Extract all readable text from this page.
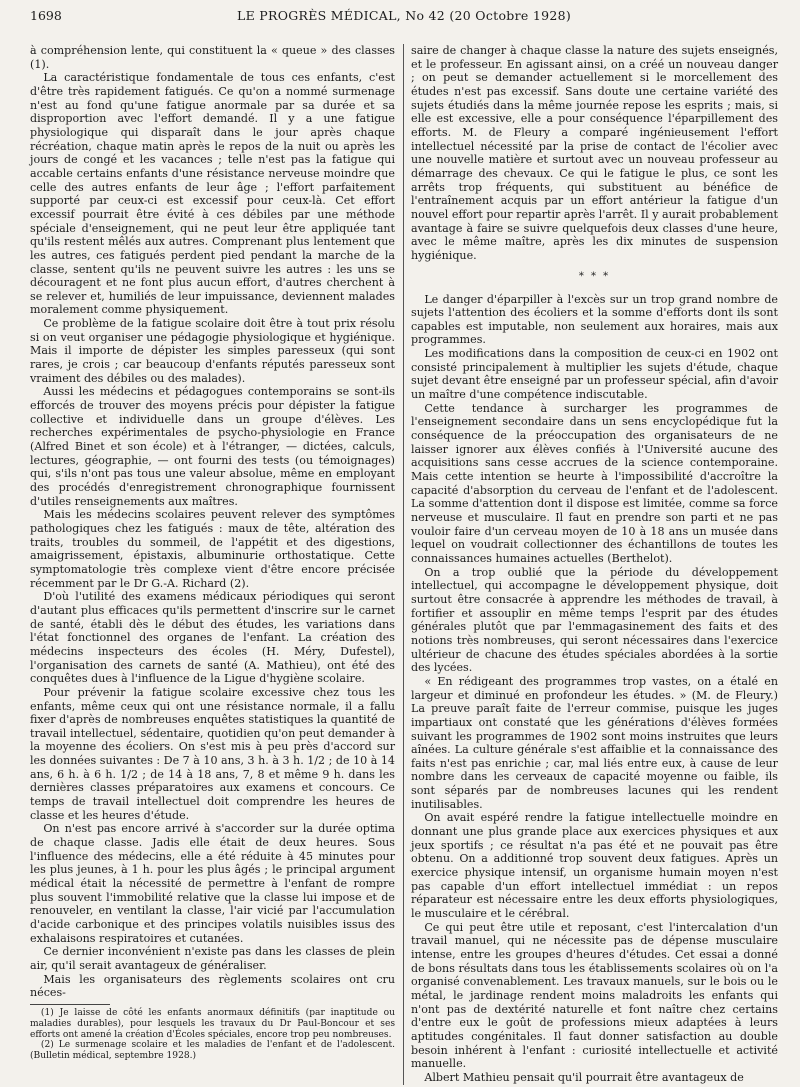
1698	LE PROGRÈS MÉDICAL, No 42 (20 Octobre 1928)

à compréhension lente, qui constituent la « queue » des classes (1).

La caractéristique fondamentale de tous ces enfants, c'est d'être très rapidement fatigués. Ce qu'on a nommé surmenage n'est au fond qu'une fatigue anormale par sa durée et sa disproportion avec l'effort demandé. Il y a une fatigue physiologique qui disparaît dans le jour après chaque récréation, chaque matin après le repos de la nuit ou après les jours de congé et les vacances ; telle n'est pas la fatigue qui accable certains enfants d'une résistance nerveuse moindre que celle des autres enfants de leur âge ; l'effort parfaitement supporté par ceux-ci est excessif pour ceux-là. Cet effort excessif pourrait être évité à ces débiles par une méthode spéciale d'enseignement, qui ne peut leur être appliquée tant qu'ils restent mêlés aux autres. Comprenant plus lentement que les autres, ces fatigués perdent pied pendant la marche de la classe, sentent qu'ils ne peuvent suivre les autres : les uns se découragent et ne font plus aucun effort, d'autres cherchent à se relever et, humiliés de leur impuissance, deviennent malades moralement comme physiquement.

Ce problème de la fatigue scolaire doit être à tout prix résolu si on veut organiser une pédagogie physiologique et hygiénique. Mais il importe de dépister les simples paresseux (qui sont rares, je crois ; car beaucoup d'enfants réputés paresseux sont vraiment des débiles ou des malades).

Aussi les médecins et pédagogues contemporains se sont-ils efforcés de trouver des moyens précis pour dépister la fatigue collective et individuelle dans un groupe d'élèves. Les recherches expérimentales de psycho-physiologie en France (Alfred Binet et son école) et à l'étranger, — dictées, calculs, lectures, géographie, — ont fourni des tests (ou témoignages) qui, s'ils n'ont pas tous une valeur absolue, même en employant des procédés d'enregistrement chronographique fournissent d'utiles renseignements aux maîtres.

Mais les médecins scolaires peuvent relever des symptômes pathologiques chez les fatigués : maux de tête, altération des traits, troubles du sommeil, de l'appétit et des digestions, amaigrissement, épistaxis, albuminurie orthostatique. Cette symptomatologie très complexe vient d'être encore précisée récemment par le Dr G.-A. Richard (2).

D'où l'utilité des examens médicaux périodiques qui seront d'autant plus efficaces qu'ils permettent d'inscrire sur le carnet de santé, établi dès le début des études, les variations dans l'état fonctionnel des organes de l'enfant. La création des médecins inspecteurs des écoles (H. Méry, Dufestel), l'organisation des carnets de santé (A. Mathieu), ont été des conquêtes dues à l'influence de la Ligue d'hygiène scolaire.

Pour prévenir la fatigue scolaire excessive chez tous les enfants, même ceux qui ont une résistance normale, il a fallu fixer d'après de nombreuses enquêtes statistiques la quantité de travail intellectuel, sédentaire, quotidien qu'on peut demander à la moyenne des écoliers. On s'est mis à peu près d'accord sur les données suivantes : De 7 à 10 ans, 3 h. à 3 h. 1/2 ; de 10 à 14 ans, 6 h. à 6 h. 1/2 ; de 14 à 18 ans, 7, 8 et même 9 h. dans les dernières classes préparatoires aux examens et concours. Ce temps de travail intellectuel doit comprendre les heures de classe et les heures d'étude.

On n'est pas encore arrivé à s'accorder sur la durée optima de chaque classe. Jadis elle était de deux heures. Sous l'influence des médecins, elle a été réduite à 45 minutes pour les plus jeunes, à 1 h. pour les plus âgés ; le principal argument médical était la nécessité de permettre à l'enfant de rompre plus souvent l'immobilité relative que la classe lui impose et de renouveler, en ventilant la classe, l'air vicié par l'accumulation d'acide carbonique et des principes volatils nuisibles issus des exhalaisons respiratoires et cutanées.

Ce dernier inconvénient n'existe pas dans les classes de plein air, qu'il serait avantageux de généraliser.

Mais les organisateurs des règlements scolaires ont cru néces-

(1) Je laisse de côté les enfants anormaux définitifs (par inaptitude ou maladies durables), pour lesquels les travaux du Dr Paul-Boncour et ses efforts ont amené la création d'Écoles spéciales, encore trop peu nombreuses.

(2) Le surmenage scolaire et les maladies de l'enfant et de l'adolescent. (Bulletin médical, septembre 1928.)

saire de changer à chaque classe la nature des sujets enseignés, et le professeur. En agissant ainsi, on a créé un nouveau danger ; on peut se demander actuellement si le morcellement des études n'est pas excessif. Sans doute une certaine variété des sujets étudiés dans la même journée repose les esprits ; mais, si elle est excessive, elle a pour conséquence l'éparpillement des efforts. M. de Fleury a comparé ingénieusement l'effort intellectuel nécessité par la prise de contact de l'écolier avec une nouvelle matière et surtout avec un nouveau professeur au démarrage des chevaux. Ce qui le fatigue le plus, ce sont les arrêts trop fréquents, qui substituent au bénéfice de l'entraînement acquis par un effort antérieur la fatigue d'un nouvel effort pour repartir après l'arrêt. Il y aurait probablement avantage à faire se suivre quelquefois deux classes d'une heure, avec le même maître, après les dix minutes de suspension hygiénique.

* * *

Le danger d'éparpiller à l'excès sur un trop grand nombre de sujets l'attention des écoliers et la somme d'efforts dont ils sont capables est imputable, non seulement aux horaires, mais aux programmes.

Les modifications dans la composition de ceux-ci en 1902 ont consisté principalement à multiplier les sujets d'étude, chaque sujet devant être enseigné par un professeur spécial, afin d'avoir un maître d'une compétence indiscutable.

Cette tendance à surcharger les programmes de l'enseignement secondaire dans un sens encyclopédique fut la conséquence de la préoccupation des organisateurs de ne laisser ignorer aux élèves confiés à l'Université aucune des acquisitions sans cesse accrues de la science contemporaine. Mais cette intention se heurte à l'impossibilité d'accroître la capacité d'absorption du cerveau de l'enfant et de l'adolescent. La somme d'attention dont il dispose est limitée, comme sa force nerveuse et musculaire. Il faut en prendre son parti et ne pas vouloir faire d'un cerveau moyen de 10 à 18 ans un musée dans lequel on voudrait collectionner des échantillons de toutes les connaissances humaines actuelles (Berthelot).

On a trop oublié que la période du développement intellectuel, qui accompagne le développement physique, doit surtout être consacrée à apprendre les méthodes de travail, à fortifier et assouplir en même temps l'esprit par des études générales plutôt que par l'emmagasinement des faits et des notions très nombreuses, qui seront nécessaires dans l'exercice ultérieur de chacune des études spéciales abordées à la sortie des lycées.

« En rédigeant des programmes trop vastes, on a étalé en largeur et diminué en profondeur les études. » (M. de Fleury.) La preuve paraît faite de l'erreur commise, puisque les juges impartiaux ont constaté que les générations d'élèves formées suivant les programmes de 1902 sont moins instruites que leurs aînées. La culture générale s'est affaiblie et la connaissance des faits n'est pas enrichie ; car, mal liés entre eux, à cause de leur nombre dans les cerveaux de capacité moyenne ou faible, ils sont séparés par de nombreuses lacunes qui les rendent inutilisables.

On avait espéré rendre la fatigue intellectuelle moindre en donnant une plus grande place aux exercices physiques et aux jeux sportifs ; ce résultat n'a pas été et ne pouvait pas être obtenu. On a additionné trop souvent deux fatigues. Après un exercice physique intensif, un organisme humain moyen n'est pas capable d'un effort intellectuel immédiat : un repos réparateur est nécessaire entre les deux efforts physiologiques, le musculaire et le cérébral.

Ce qui peut être utile et reposant, c'est l'intercalation d'un travail manuel, qui ne nécessite pas de dépense musculaire intense, entre les groupes d'heures d'études. Cet essai a donné de bons résultats dans tous les établissements scolaires où on l'a organisé convenablement. Les travaux manuels, sur le bois ou le métal, le jardinage rendent moins maladroits les enfants qui n'ont pas de dextérité naturelle et font naître chez certains d'entre eux le goût de professions mieux adaptées à leurs aptitudes congénitales. Il faut donner satisfaction au double besoin inhérent à l'enfant : curiosité intellectuelle et activité manuelle.

Albert Mathieu pensait qu'il pourrait être avantageux de
